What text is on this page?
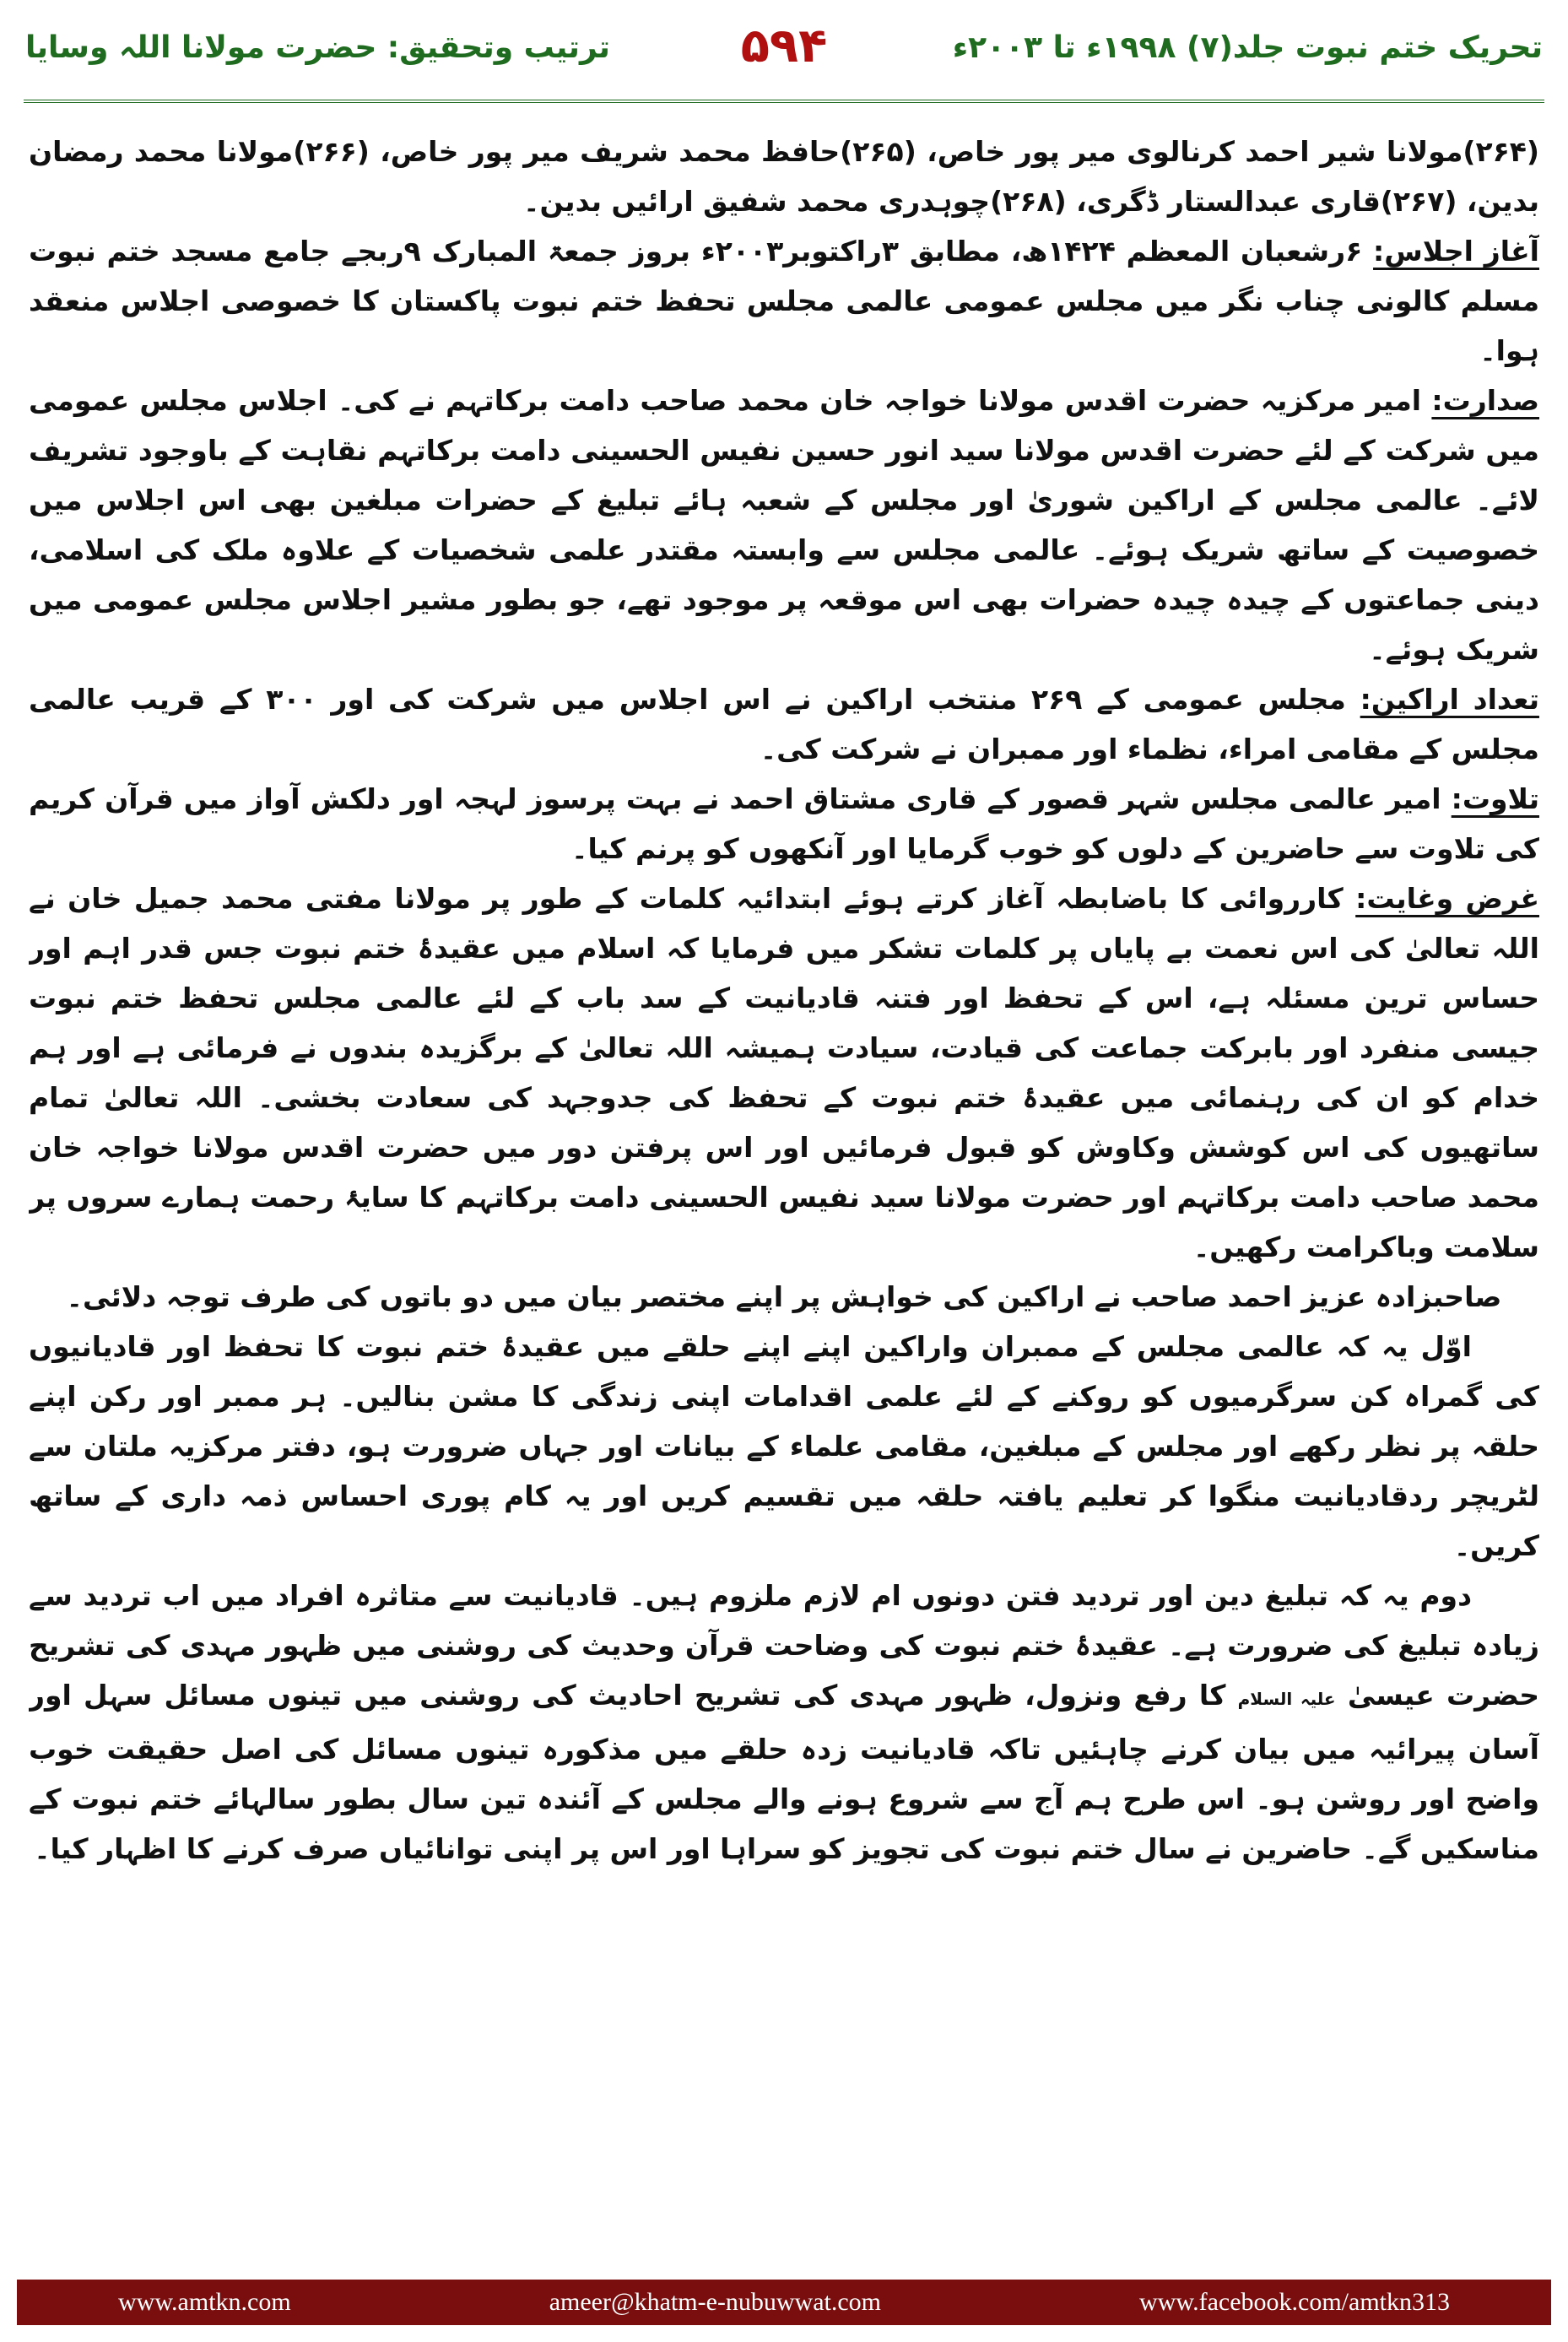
ترتیب وتحقیق: حضرت مولانا اللہ وسایا	۵۹۴	تحریک ختم نبوت جلد(۷) ۱۹۹۸ء تا ۲۰۰۳ء

(۲۶۴)مولانا شیر احمد کرنالوی میر پور خاص، (۲۶۵)حافظ محمد شریف میر پور خاص، (۲۶۶)مولانا محمد رمضان بدین، (۲۶۷)قاری عبدالستار ڈگری، (۲۶۸)چوہدری محمد شفیق ارائیں بدین۔

آغاز اجلاس: ۶رشعبان المعظم ۱۴۲۴ھ، مطابق ۳راکتوبر۲۰۰۳ء بروز جمعۃ المبارک ۹ربجے جامع مسجد ختم نبوت مسلم کالونی چناب نگر میں مجلس عمومی عالمی مجلس تحفظ ختم نبوت پاکستان کا خصوصی اجلاس منعقد ہوا۔

صدارت: امیر مرکزیہ حضرت اقدس مولانا خواجہ خان محمد صاحب دامت برکاتہم نے کی۔ اجلاس مجلس عمومی میں شرکت کے لئے حضرت اقدس مولانا سید انور حسین نفیس الحسینی دامت برکاتہم نقاہت کے باوجود تشریف لائے۔ عالمی مجلس کے اراکین شوریٰ اور مجلس کے شعبہ ہائے تبلیغ کے حضرات مبلغین بھی اس اجلاس میں خصوصیت کے ساتھ شریک ہوئے۔ عالمی مجلس سے وابستہ مقتدر علمی شخصیات کے علاوہ ملک کی اسلامی، دینی جماعتوں کے چیدہ چیدہ حضرات بھی اس موقعہ پر موجود تھے، جو بطور مشیر اجلاس مجلس عمومی میں شریک ہوئے۔

تعداد اراکین: مجلس عمومی کے ۲۶۹ منتخب اراکین نے اس اجلاس میں شرکت کی اور ۳۰۰ کے قریب عالمی مجلس کے مقامی امراء، نظماء اور ممبران نے شرکت کی۔

تلاوت: امیر عالمی مجلس شہر قصور کے قاری مشتاق احمد نے بہت پرسوز لہجہ اور دلکش آواز میں قرآن کریم کی تلاوت سے حاضرین کے دلوں کو خوب گرمایا اور آنکھوں کو پرنم کیا۔

غرض وغایت: کارروائی کا باضابطہ آغاز کرتے ہوئے ابتدائیہ کلمات کے طور پر مولانا مفتی محمد جمیل خان نے اللہ تعالیٰ کی اس نعمت بے پایاں پر کلمات تشکر میں فرمایا کہ اسلام میں عقیدۂ ختم نبوت جس قدر اہم اور حساس ترین مسئلہ ہے، اس کے تحفظ اور فتنہ قادیانیت کے سد باب کے لئے عالمی مجلس تحفظ ختم نبوت جیسی منفرد اور بابرکت جماعت کی قیادت، سیادت ہمیشہ اللہ تعالیٰ کے برگزیدہ بندوں نے فرمائی ہے اور ہم خدام کو ان کی رہنمائی میں عقیدۂ ختم نبوت کے تحفظ کی جدوجہد کی سعادت بخشی۔ اللہ تعالیٰ تمام ساتھیوں کی اس کوشش وکاوش کو قبول فرمائیں اور اس پرفتن دور میں حضرت اقدس مولانا خواجہ خان محمد صاحب دامت برکاتہم اور حضرت مولانا سید نفیس الحسینی دامت برکاتہم کا سایۂ رحمت ہمارے سروں پر سلامت وباکرامت رکھیں۔

صاحبزادہ عزیز احمد صاحب نے اراکین کی خواہش پر اپنے مختصر بیان میں دو باتوں کی طرف توجہ دلائی۔

اوّل یہ کہ عالمی مجلس کے ممبران واراکین اپنے اپنے حلقے میں عقیدۂ ختم نبوت کا تحفظ اور قادیانیوں کی گمراہ کن سرگرمیوں کو روکنے کے لئے علمی اقدامات اپنی زندگی کا مشن بنالیں۔ ہر ممبر اور رکن اپنے حلقہ پر نظر رکھے اور مجلس کے مبلغین، مقامی علماء کے بیانات اور جہاں ضرورت ہو، دفتر مرکزیہ ملتان سے لٹریچر ردقادیانیت منگوا کر تعلیم یافتہ حلقہ میں تقسیم کریں اور یہ کام پوری احساس ذمہ داری کے ساتھ کریں۔

دوم یہ کہ تبلیغ دین اور تردید فتن دونوں ام لازم ملزوم ہیں۔ قادیانیت سے متاثرہ افراد میں اب تردید سے زیادہ تبلیغ کی ضرورت ہے۔ عقیدۂ ختم نبوت کی وضاحت قرآن وحدیث کی روشنی میں ظہور مہدی کی تشریح حضرت عیسیٰ علیہ السلام کا رفع ونزول، ظہور مہدی کی تشریح احادیث کی روشنی میں تینوں مسائل سہل اور آسان پیرائیہ میں بیان کرنے چاہئیں تاکہ قادیانیت زدہ حلقے میں مذکورہ تینوں مسائل کی اصل حقیقت خوب واضح اور روشن ہو۔ اس طرح ہم آج سے شروع ہونے والے مجلس کے آئندہ تین سال بطور سالہائے ختم نبوت کے مناسکیں گے۔ حاضرین نے سال ختم نبوت کی تجویز کو سراہا اور اس پر اپنی توانائیاں صرف کرنے کا اظہار کیا۔

www.amtkn.com	ameer@khatm-e-nubuwwat.com	www.facebook.com/amtkn313
